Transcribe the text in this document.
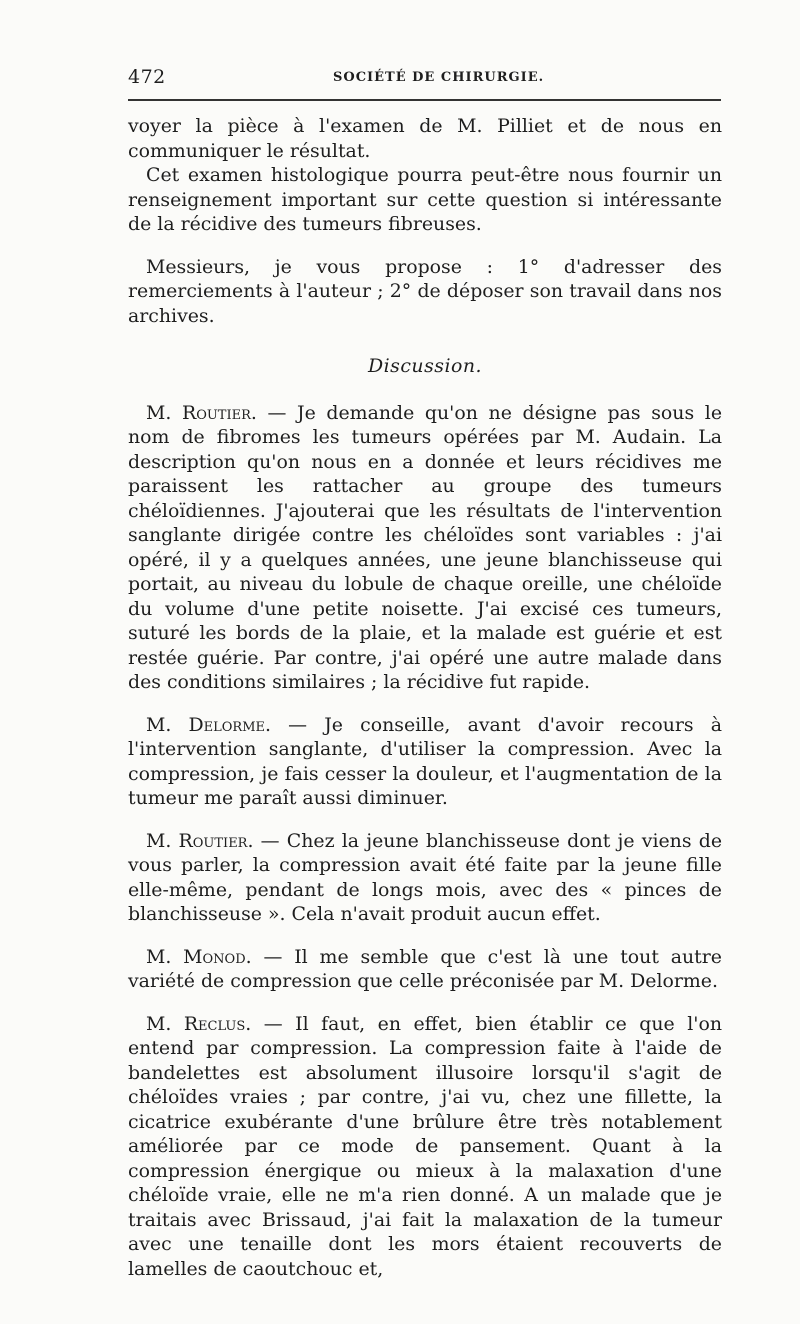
472	SOCIÉTÉ DE CHIRURGIE.

voyer la pièce à l'examen de M. Pilliet et de nous en communiquer le résultat.

Cet examen histologique pourra peut-être nous fournir un renseignement important sur cette question si intéressante de la récidive des tumeurs fibreuses.

Messieurs, je vous propose : 1° d'adresser des remerciements à l'auteur ; 2° de déposer son travail dans nos archives.

Discussion.

M. Routier. — Je demande qu'on ne désigne pas sous le nom de fibromes les tumeurs opérées par M. Audain. La description qu'on nous en a donnée et leurs récidives me paraissent les rattacher au groupe des tumeurs chéloïdiennes. J'ajouterai que les résultats de l'intervention sanglante dirigée contre les chéloïdes sont variables : j'ai opéré, il y a quelques années, une jeune blanchisseuse qui portait, au niveau du lobule de chaque oreille, une chéloïde du volume d'une petite noisette. J'ai excisé ces tumeurs, suturé les bords de la plaie, et la malade est guérie et est restée guérie. Par contre, j'ai opéré une autre malade dans des conditions similaires ; la récidive fut rapide.

M. Delorme. — Je conseille, avant d'avoir recours à l'intervention sanglante, d'utiliser la compression. Avec la compression, je fais cesser la douleur, et l'augmentation de la tumeur me paraît aussi diminuer.

M. Routier. — Chez la jeune blanchisseuse dont je viens de vous parler, la compression avait été faite par la jeune fille elle-même, pendant de longs mois, avec des « pinces de blanchisseuse ». Cela n'avait produit aucun effet.

M. Monod. — Il me semble que c'est là une tout autre variété de compression que celle préconisée par M. Delorme.

M. Reclus. — Il faut, en effet, bien établir ce que l'on entend par compression. La compression faite à l'aide de bandelettes est absolument illusoire lorsqu'il s'agit de chéloïdes vraies ; par contre, j'ai vu, chez une fillette, la cicatrice exubérante d'une brûlure être très notablement améliorée par ce mode de pansement. Quant à la compression énergique ou mieux à la malaxation d'une chéloïde vraie, elle ne m'a rien donné. A un malade que je traitais avec Brissaud, j'ai fait la malaxation de la tumeur avec une tenaille dont les mors étaient recouverts de lamelles de caoutchouc et,
